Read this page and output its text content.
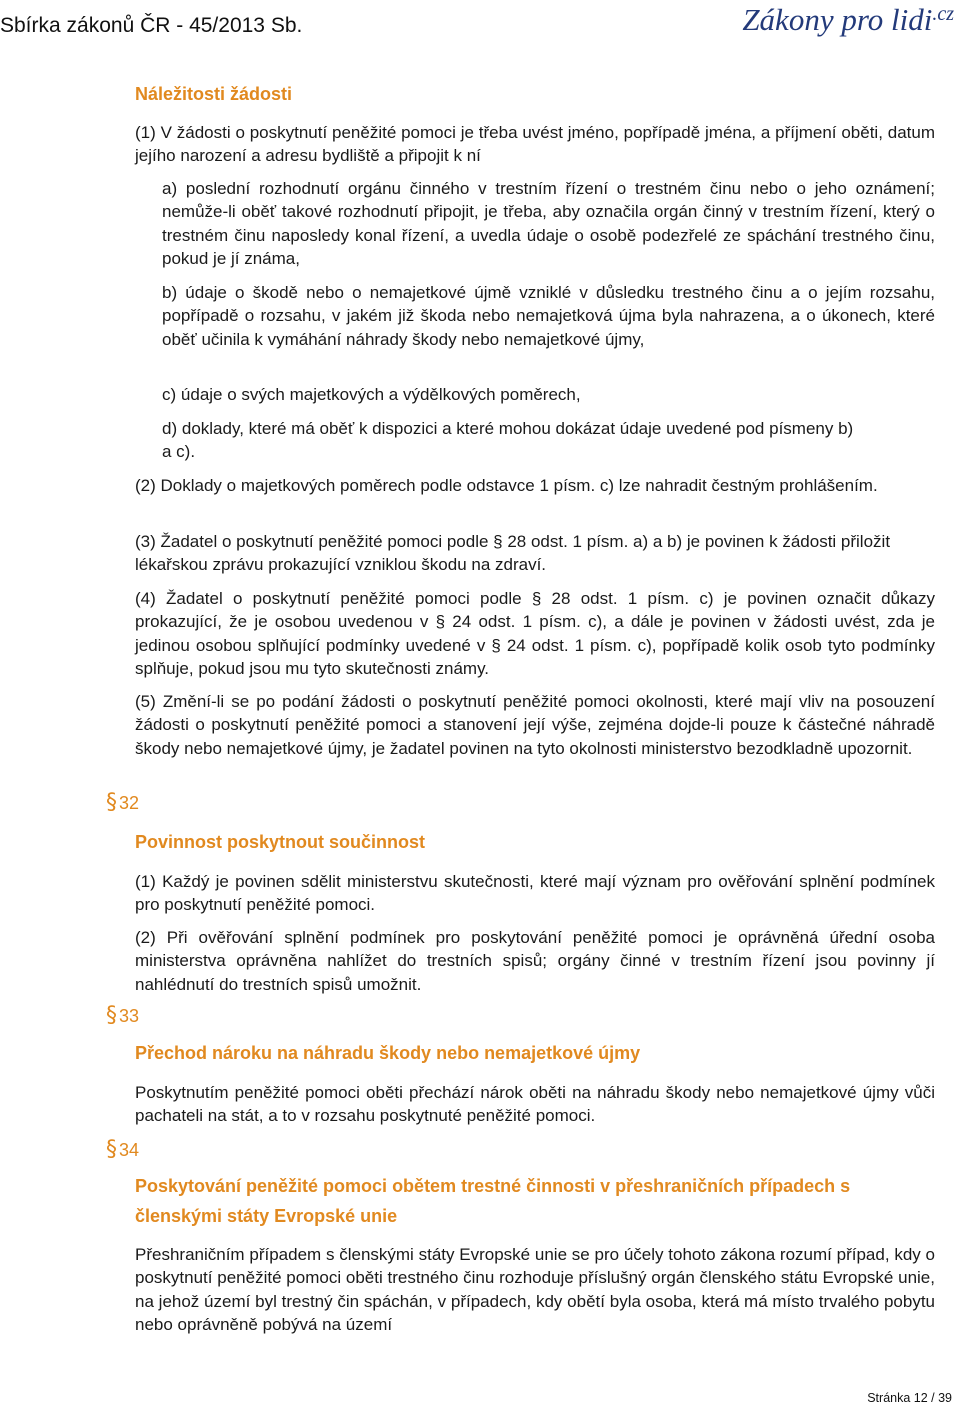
Sbírka zákonů ČR - 45/2013 Sb.	Zákony pro lidi$^{.cz}$
Náležitosti žádosti
(1) V žádosti o poskytnutí peněžité pomoci je třeba uvést jméno, popřípadě jména, a příjmení oběti, datum jejího narození a adresu bydliště a připojit k ní
a) poslední rozhodnutí orgánu činného v trestním řízení o trestném činu nebo o jeho oznámení; nemůže-li oběť takové rozhodnutí připojit, je třeba, aby označila orgán činný v trestním řízení, který o trestném činu naposledy konal řízení, a uvedla údaje o osobě podezřelé ze spáchání trestného činu, pokud je jí známa,
b) údaje o škodě nebo o nemajetkové újmě vzniklé v důsledku trestného činu a o jejím rozsahu, popřípadě o rozsahu, v jakém již škoda nebo nemajetková újma byla nahrazena, a o úkonech, které oběť učinila k vymáhání náhrady škody nebo nemajetkové újmy,
c) údaje o svých majetkových a výdělkových poměrech,
d) doklady, které má oběť k dispozici a které mohou dokázat údaje uvedené pod písmeny b) a c).
(2) Doklady o majetkových poměrech podle odstavce 1 písm. c) lze nahradit čestným prohlášením.
(3) Žadatel o poskytnutí peněžité pomoci podle § 28 odst. 1 písm. a) a b) je povinen k žádosti přiložit lékařskou zprávu prokazující vzniklou škodu na zdraví.
(4) Žadatel o poskytnutí peněžité pomoci podle § 28 odst. 1 písm. c) je povinen označit důkazy prokazující, že je osobou uvedenou v § 24 odst. 1 písm. c), a dále je povinen v žádosti uvést, zda je jedinou osobou splňující podmínky uvedené v § 24 odst. 1 písm. c), popřípadě kolik osob tyto podmínky splňuje, pokud jsou mu tyto skutečnosti známy.
(5) Změní-li se po podání žádosti o poskytnutí peněžité pomoci okolnosti, které mají vliv na posouzení žádosti o poskytnutí peněžité pomoci a stanovení její výše, zejména dojde-li pouze k částečné náhradě škody nebo nemajetkové újmy, je žadatel povinen na tyto okolnosti ministerstvo bezodkladně upozornit.
§ 32
Povinnost poskytnout součinnost
(1) Každý je povinen sdělit ministerstvu skutečnosti, které mají význam pro ověřování splnění podmínek pro poskytnutí peněžité pomoci.
(2) Při ověřování splnění podmínek pro poskytování peněžité pomoci je oprávněná úřední osoba ministerstva oprávněna nahlížet do trestních spisů; orgány činné v trestním řízení jsou povinny jí nahlédnutí do trestních spisů umožnit.
§ 33
Přechod nároku na náhradu škody nebo nemajetkové újmy
Poskytnutím peněžité pomoci oběti přechází nárok oběti na náhradu škody nebo nemajetkové újmy vůči pachateli na stát, a to v rozsahu poskytnuté peněžité pomoci.
§ 34
Poskytování peněžité pomoci obětem trestné činnosti v přeshraničních případech s
členskými státy Evropské unie
Přeshraničním případem s členskými státy Evropské unie se pro účely tohoto zákona rozumí případ, kdy o poskytnutí peněžité pomoci oběti trestného činu rozhoduje příslušný orgán členského státu Evropské unie, na jehož území byl trestný čin spáchán, v případech, kdy obětí byla osoba, která má místo trvalého pobytu nebo oprávněně pobývá na území
Stránka 12 / 39
